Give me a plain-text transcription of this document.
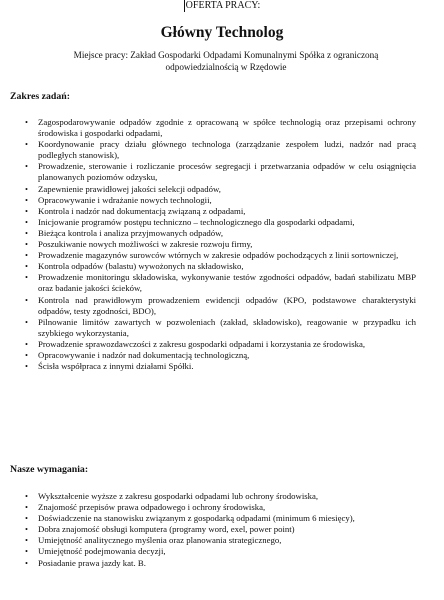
OFERTA PRACY:
Główny Technolog
Miejsce pracy: Zakład Gospodarki Odpadami Komunalnymi Spółka z ograniczoną odpowiedzialnością w Rzędowie
Zakres zadań:
• Zagospodarowywanie odpadów zgodnie z opracowaną w spółce technologią oraz przepisami ochrony środowiska i gospodarki odpadami,
• Koordynowanie pracy działu głównego technologa (zarządzanie zespołem ludzi, nadzór nad pracą podległych stanowisk),
• Prowadzenie, sterowanie i rozliczanie procesów segregacji i przetwarzania odpadów w celu osiągnięcia planowanych poziomów odzysku,
• Zapewnienie prawidłowej jakości selekcji odpadów,
• Opracowywanie i wdrażanie nowych technologii,
• Kontrola i nadzór nad dokumentacją związaną z odpadami,
• Inicjowanie programów postępu techniczno – technologicznego dla gospodarki odpadami,
• Bieżąca kontrola i analiza przyjmowanych odpadów,
• Poszukiwanie nowych możliwości w zakresie rozwoju firmy,
• Prowadzenie magazynów surowców wtórnych w zakresie odpadów pochodzących z linii sortowniczej,
• Kontrola odpadów (balastu) wywożonych na składowisko,
• Prowadzenie monitoringu składowiska, wykonywanie testów zgodności odpadów, badań stabilizatu MBP oraz badanie jakości ścieków,
• Kontrola nad prawidłowym prowadzeniem ewidencji odpadów (KPO, podstawowe charakterystyki odpadów, testy zgodności, BDO),
• Pilnowanie limitów zawartych w pozwoleniach (zakład, składowisko), reagowanie w przypadku ich szybkiego wykorzystania,
• Prowadzenie sprawozdawczości z zakresu gospodarki odpadami i korzystania ze środowiska,
• Opracowywanie i nadzór nad dokumentacją technologiczną,
• Ścisła współpraca z innymi działami Spółki.
Nasze wymagania:
• Wykształcenie wyższe z zakresu gospodarki odpadami lub ochrony środowiska,
• Znajomość przepisów prawa odpadowego i ochrony środowiska,
• Doświadczenie na stanowisku związanym z gospodarką odpadami (minimum 6 miesięcy),
• Dobra znajomość obsługi komputera (programy word, exel, power point)
• Umiejętność analitycznego myślenia oraz planowania strategicznego,
• Umiejętność podejmowania decyzji,
• Posiadanie prawa jazdy kat. B.
